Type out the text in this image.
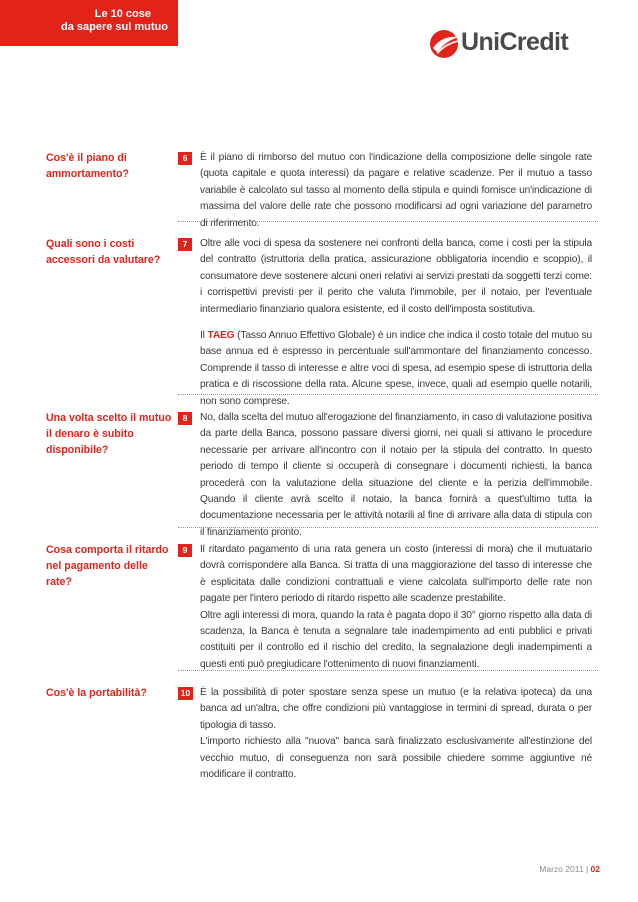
Le 10 cose
da sapere sul mutuo
UniCredit
Cos'è il piano di ammortamento?
6	È il piano di rimborso del mutuo con l'indicazione della composizione delle singole rate (quota capitale e quota interessi) da pagare e relative scadenze. Per il mutuo a tasso variabile è calcolato sul tasso al momento della stipula e quindi fornisce un'indicazione di massima del valore delle rate che possono modificarsi ad ogni variazione del parametro di riferimento.

Quali sono i costi accessori da valutare?
7	Oltre alle voci di spesa da sostenere nei confronti della banca, come i costi per la stipula del contratto (istruttoria della pratica, assicurazione obbligatoria incendio e scoppio), il consumatore deve sostenere alcuni oneri relativi ai servizi prestati da soggetti terzi come: i corrispettivi previsti per il perito che valuta l'immobile, per il notaio, per l'eventuale intermediario finanziario qualora esistente, ed il costo dell'imposta sostitutiva.

Il TAEG (Tasso Annuo Effettivo Globale) è un indice che indica il costo totale del mutuo su base annua ed è espresso in percentuale sull'ammontare del finanziamento concesso. Comprende il tasso di interesse e altre voci di spesa, ad esempio spese di istruttoria della pratica e di riscossione della rata. Alcune spese, invece, quali ad esempio quelle notarili, non sono comprese.

Una volta scelto il mutuo il denaro è subito disponibile?
8	No, dalla scelta del mutuo all'erogazione del finanziamento, in caso di valutazione positiva da parte della Banca, possono passare diversi giorni, nei quali si attivano le procedure necessarie per arrivare all'incontro con il notaio per la stipula del contratto. In questo periodo di tempo il cliente si occuperà di consegnare i documenti richiesti, la banca procederà con la valutazione della situazione del cliente e la perizia dell'immobile. Quando il cliente avrà scelto il notaio, la banca fornirà a quest'ultimo tutta la documentazione necessaria per le attività notarili al fine di arrivare alla data di stipula con il finanziamento pronto.

Cosa comporta il ritardo nel pagamento delle rate?
9	Il ritardato pagamento di una rata genera un costo (interessi di mora) che il mutuatario dovrà corrispondere alla Banca. Si tratta di una maggiorazione del tasso di interesse che è esplicitata dalle condizioni contrattuali e viene calcolata sull'importo delle rate non pagate per l'intero periodo di ritardo rispetto alle scadenze prestabilite.

Oltre agli interessi di mora, quando la rata è pagata dopo il 30° giorno rispetto alla data di scadenza, la Banca è tenuta a segnalare tale inadempimento ad enti pubblici e privati costituiti per il controllo ed il rischio del credito, la segnalazione degli inadempimenti a questi enti può pregiudicare l'ottenimento di nuovi finanziamenti.

Cos'è la portabilità?	10 È la possibilità di poter spostare senza spese un mutuo (e la relativa ipoteca) da una banca ad un'altra, che offre condizioni più vantaggiose in termini di spread, durata o per tipologia di tasso.

L'importo richiesto alla "nuova" banca sarà finalizzato esclusivamente all'estinzione del vecchio mutuo, di conseguenza non sarà possibile chiedere somme aggiuntive né modificare il contratto.

Marzo 2011 | 02
